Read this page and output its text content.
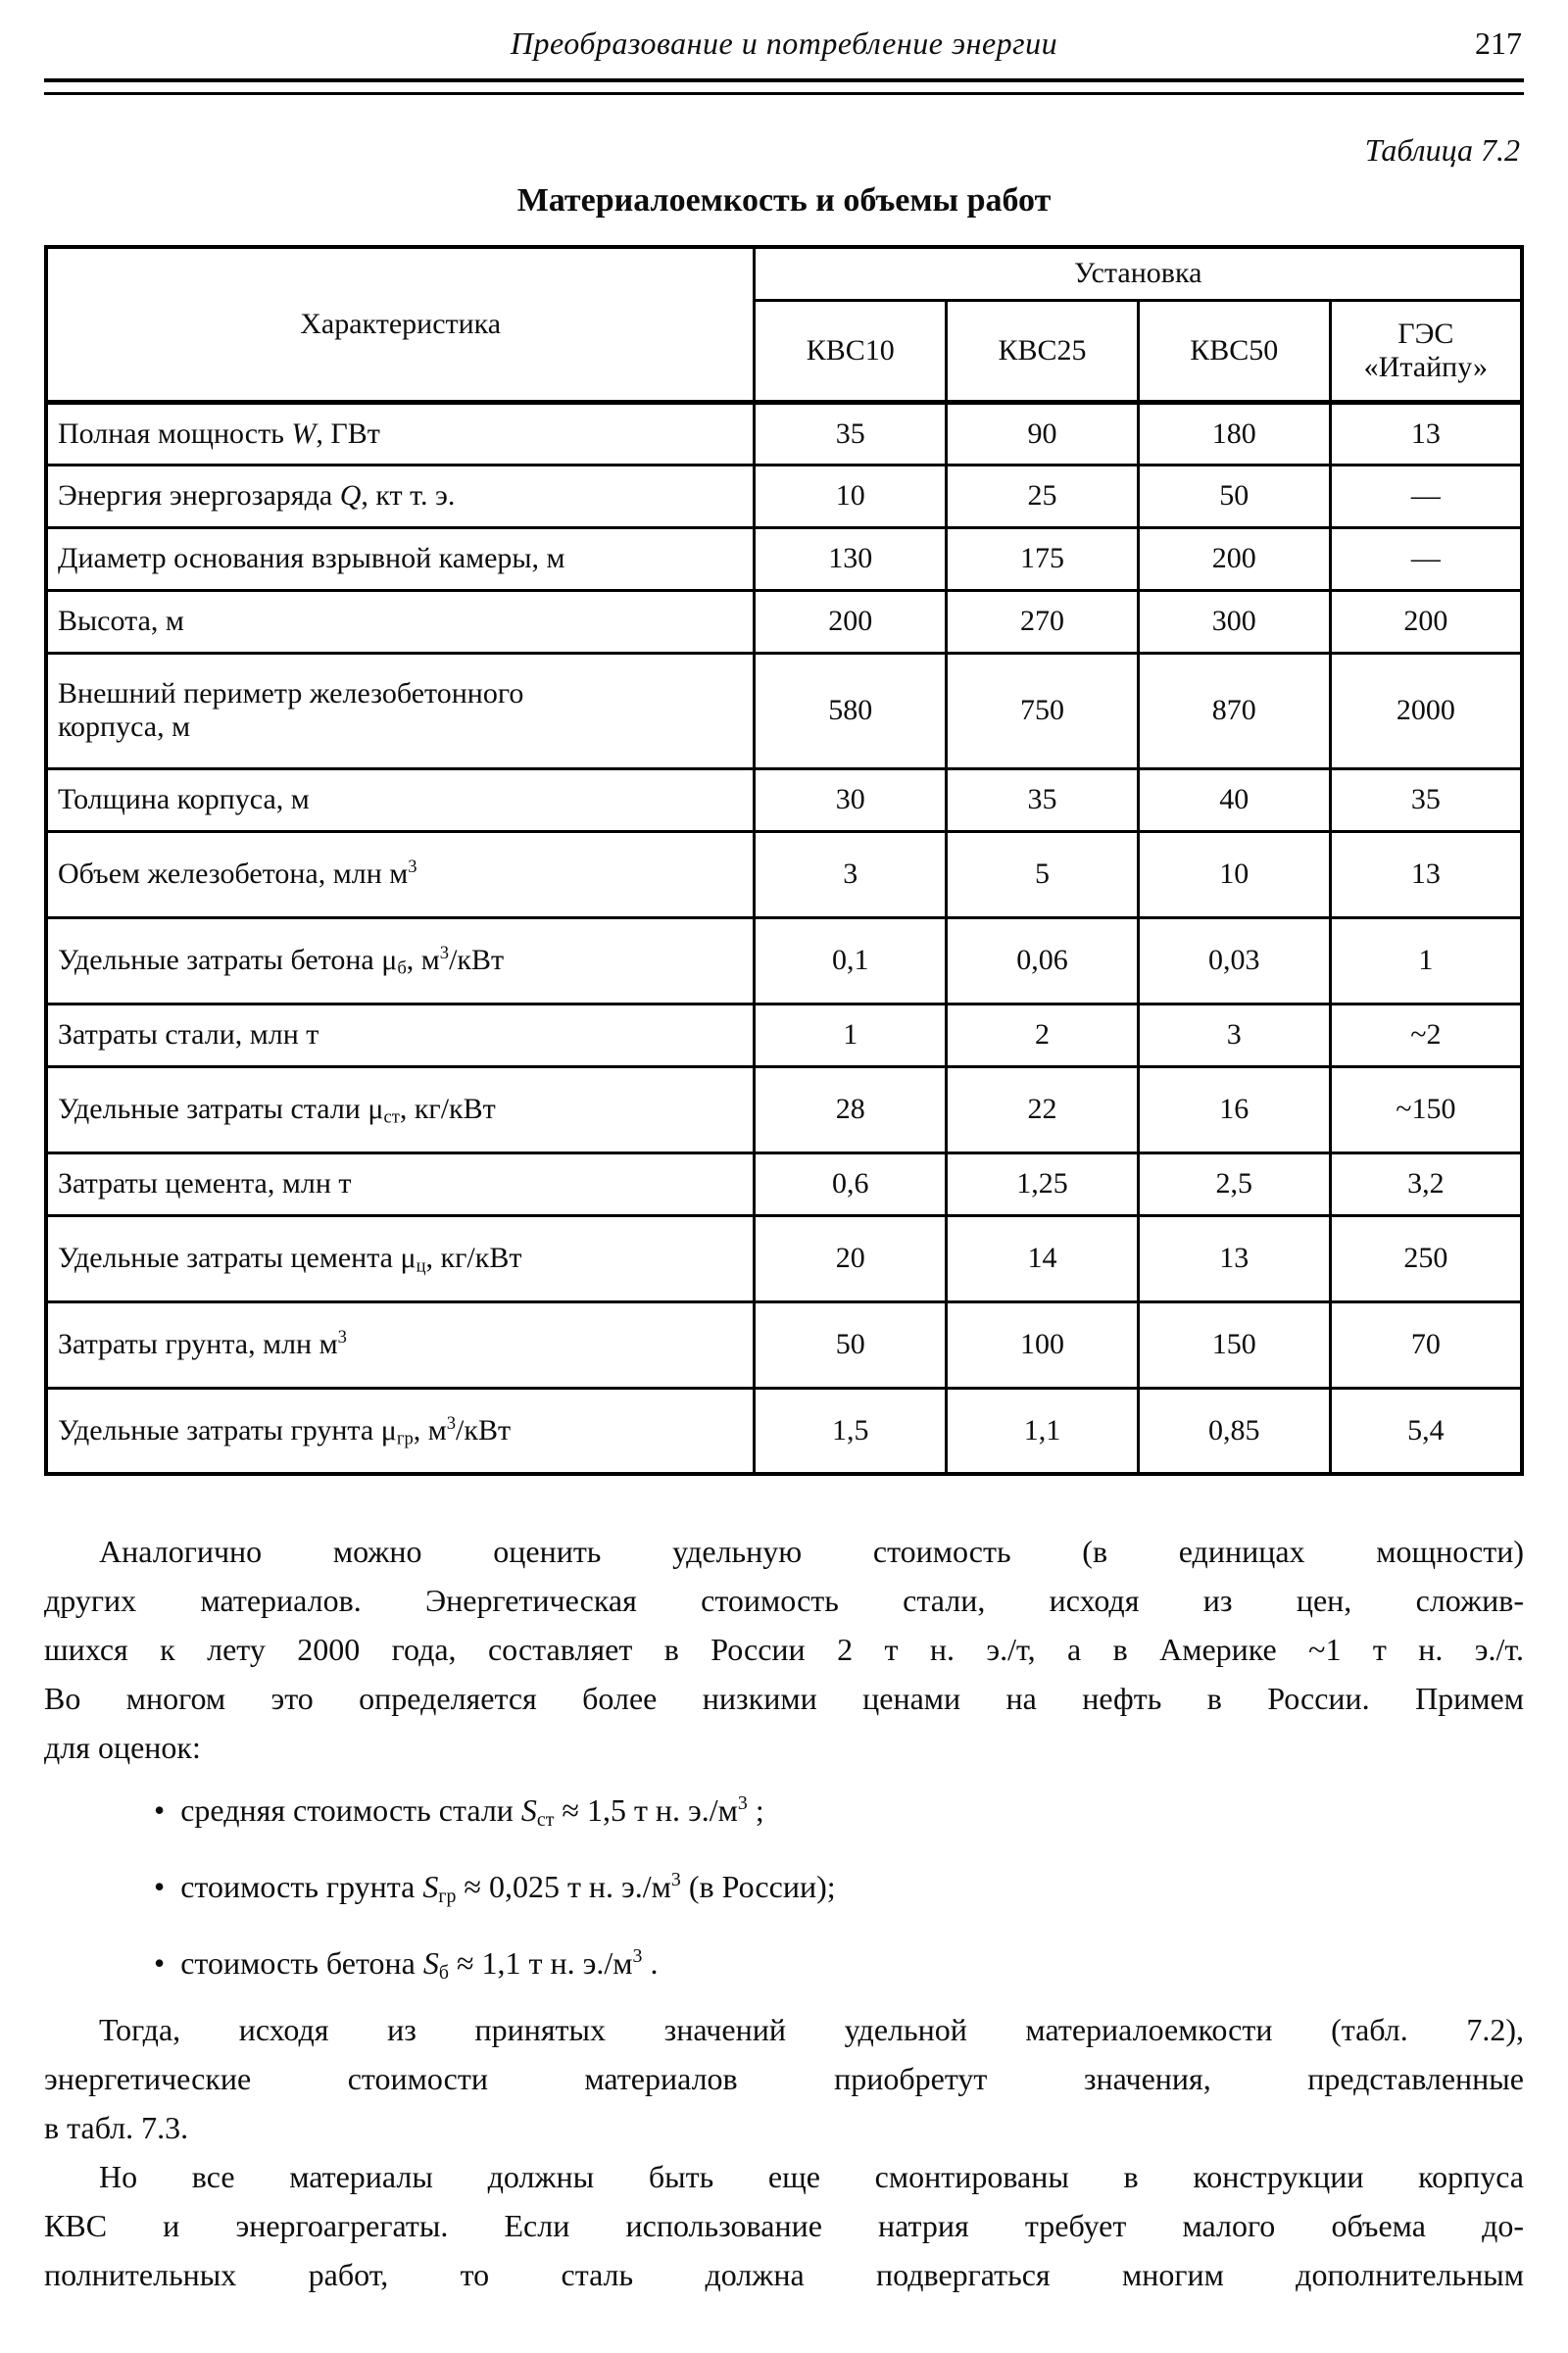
Преобразование и потребление энергии	217
Таблица 7.2
Материалоемкость и объемы работ
Характеристика	Установка			
	КВС10	КВС25	КВС50	ГЭС «Итайпу»
Полная мощность W, ГВт	35	90	180	13
Энергия энергозаряда Q, кт т. э.	10	25	50	—
Диаметр основания взрывной камеры, м	130	175	200	—
Высота, м	200	270	300	200
Внешний периметр железобетонного
корпуса, м	580	750	870	2000
Толщина корпуса, м	30	35	40	35
Объем железобетона, млн $м^3$	3	5	10	13
Удельные затраты бетона $\mu_б$, $м^3$/кВт	0,1	0,06	0,03	1
Затраты стали, млн т	1	2	3	~2
Удельные затраты стали $\mu_{ст}$, кг/кВт	28	22	16	~150
Затраты цемента, млн т	0,6	1,25	2,5	3,2
Удельные затраты цемента $\mu_ц$, кг/кВт	20	14	13	250
Затраты грунта, млн $м^3$	50	100	150	70
Удельные затраты грунта $\mu_{гр}$, $м^3$/кВт	1,5	1,1	0,85	5,4
Аналогично можно оценить удельную стоимость (в единицах мощности)
других материалов. Энергетическая стоимость стали, исходя из цен, сложив-
шихся к лету 2000 года, составляет в России 2 т н. э./т, а в Америке ~1 т н. э./т.
Во многом это определяется более низкими ценами на нефть в России. Примем
для оценок:
• средняя стоимость стали $S_{ст} \approx 1,5$ т н. $э./м^3$ ;
• стоимость грунта $S_{гр} \approx 0,025$ т н. $э./м^3$ (в России);
• стоимость бетона $S_б \approx 1,1$ т н. $э./м^3$ .
Тогда, исходя из принятых значений удельной материалоемкости (табл. 7.2),
энергетические стоимости материалов приобретут значения, представленные
в табл. 7.3.
Но все материалы должны быть еще смонтированы в конструкции корпуса
КВС и энергоагрегаты. Если использование натрия требует малого объема до-
полнительных работ, то сталь должна подвергаться многим дополнительным
